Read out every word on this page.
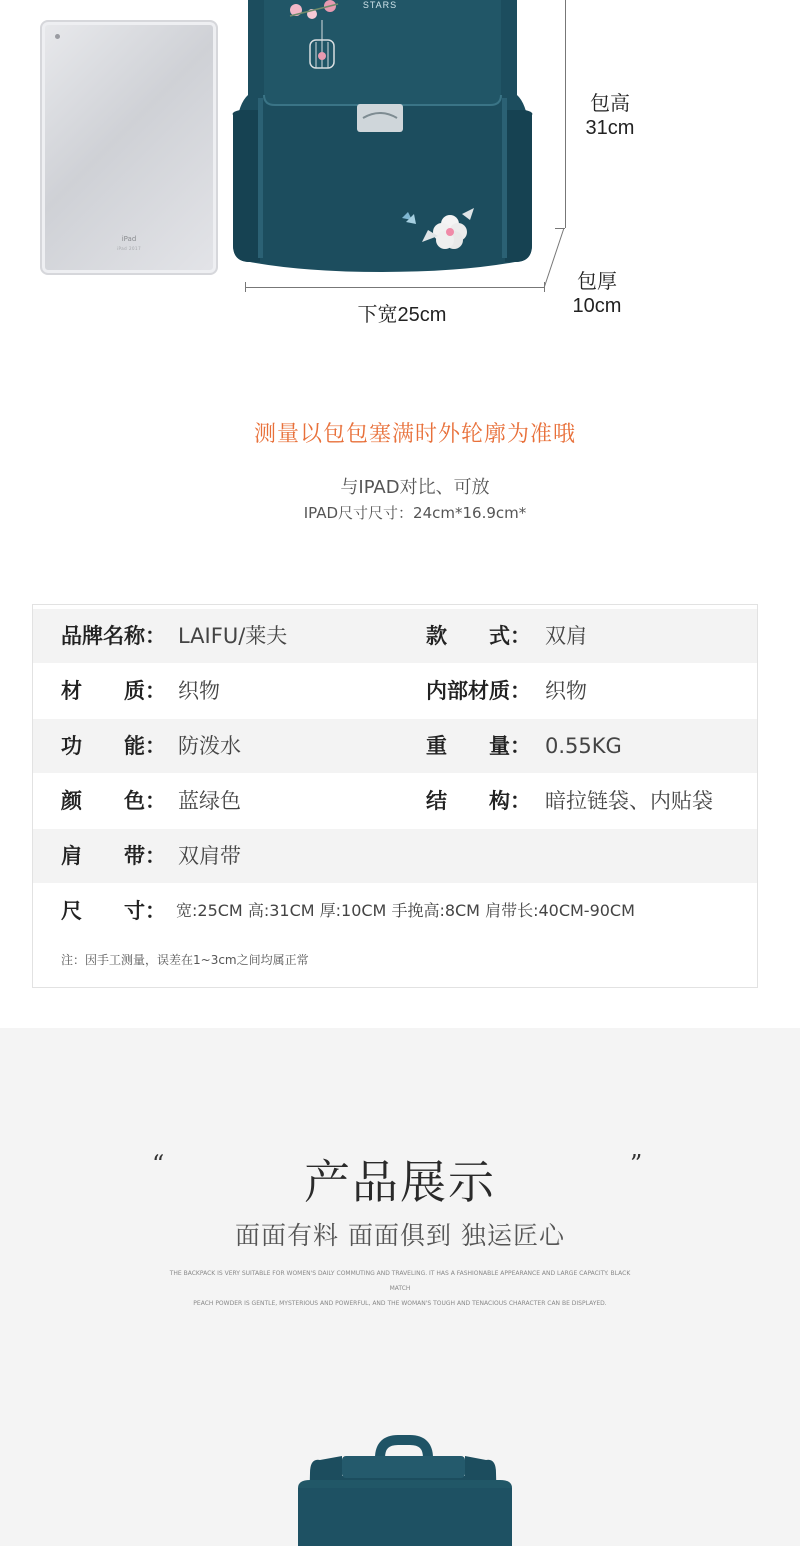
iPad
iPad 2017
STARS
包高
31cm
包厚
10cm
下宽25cm
测量以包包塞满时外轮廓为准哦
与IPAD对比、可放
IPAD尺寸尺寸：24cm*16.9cm*
品牌名称： LAIFU/莱夫	款　　式： 双肩
材　　质： 织物	内部材质： 织物
功　　能： 防泼水	重　　量： 0.55KG
颜　　色： 蓝绿色	结　　构： 暗拉链袋、内贴袋
肩　　带： 双肩带
尺　　寸： 宽:25CM 高:31CM 厚:10CM 手挽高:8CM 肩带长:40CM-90CM
注：因手工测量，误差在1~3cm之间均属正常
“	”
产品展示
面面有料 面面俱到 独运匠心
THE BACKPACK IS VERY SUITABLE FOR WOMEN'S DAILY COMMUTING AND TRAVELING. IT HAS A FASHIONABLE APPEARANCE AND LARGE CAPACITY. BLACK MATCH
PEACH POWDER IS GENTLE, MYSTERIOUS AND POWERFUL, AND THE WOMAN'S TOUGH AND TENACIOUS CHARACTER CAN BE DISPLAYED.
